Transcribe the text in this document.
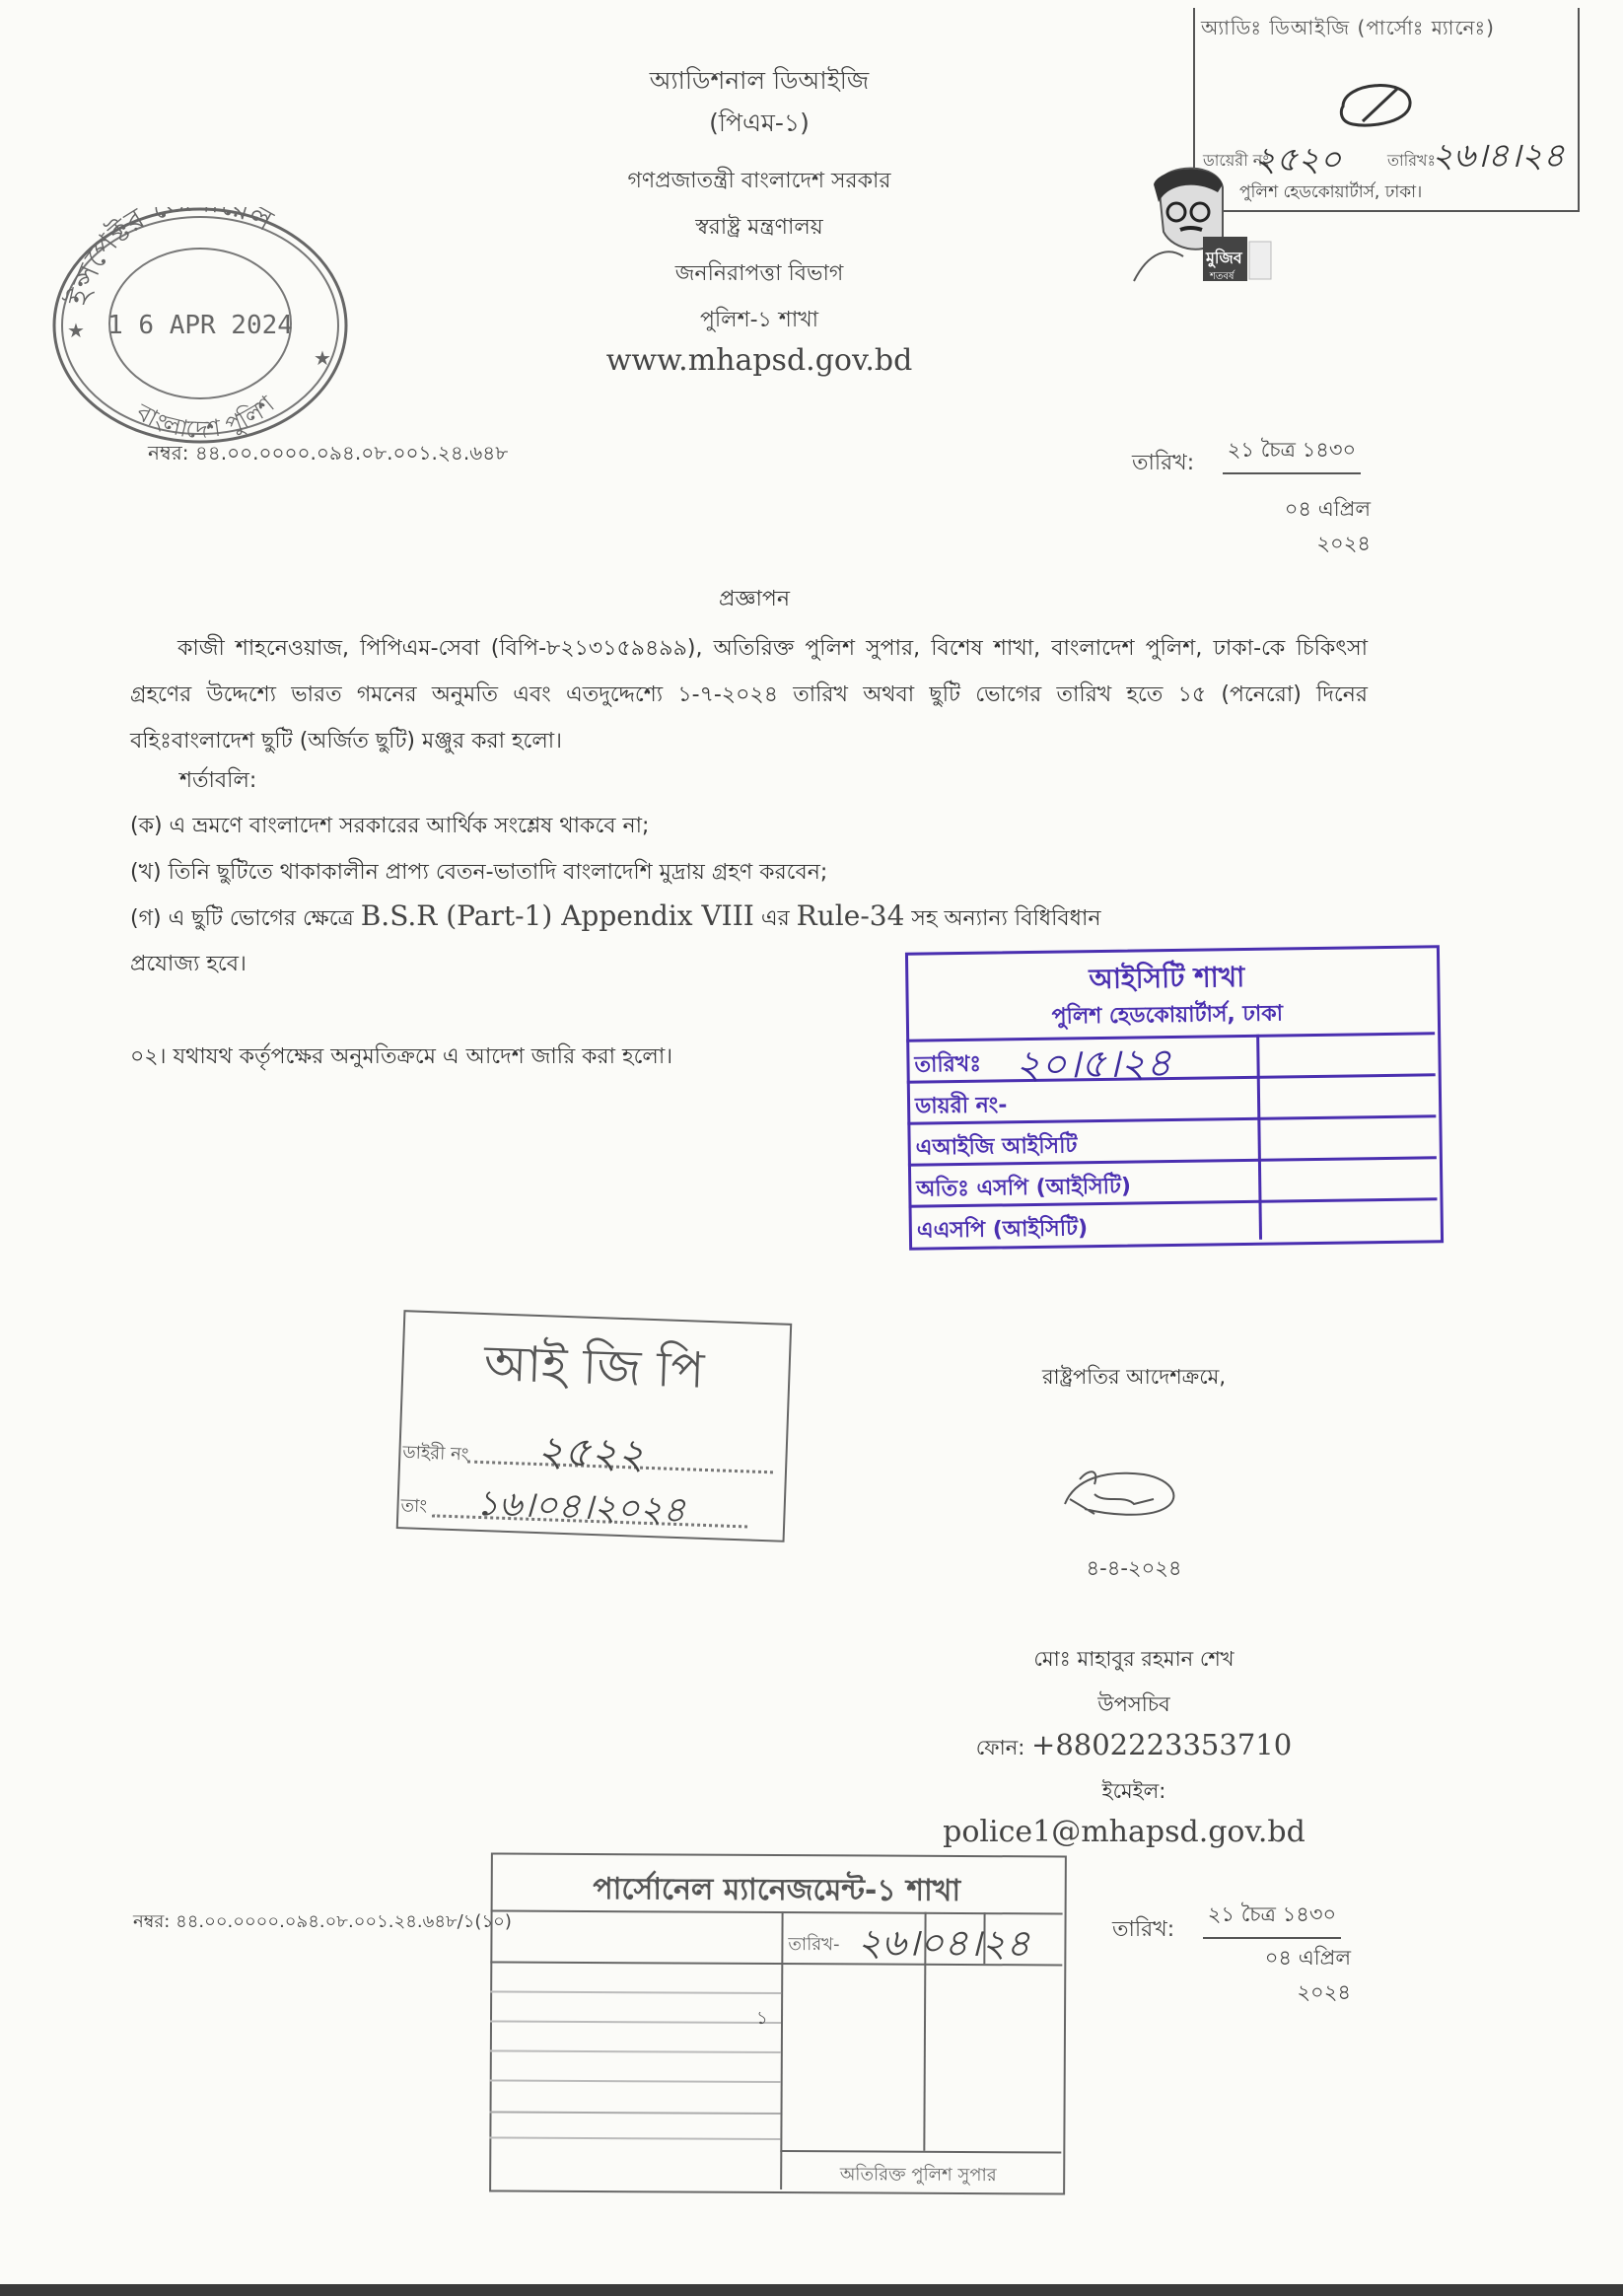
অ্যাডিশনাল ডিআইজি (পিএম-১)
গণপ্রজাতন্ত্রী বাংলাদেশ সরকার
স্বরাষ্ট্র মন্ত্রণালয়
জননিরাপত্তা বিভাগ
পুলিশ-১ শাখা
www.mhapsd.gov.bd
ইন্সপেক্টর রেল
বাংলাদেশ পুলিশ
★
★
1 6 APR 2024
অ্যাডিঃ ডিআইজি (পার্সোঃ ম্যানেঃ)
ডায়েরী নং
২৫২০	তারিখঃ
২৬।৪।২৪
পুলিশ হেডকোয়ার্টার্স, ঢাকা।
মুজিব
শতবর্ষ
নম্বর: ৪৪.০০.০০০০.০৯৪.০৮.০০১.২৪.৬৪৮	তারিখ:
২১ চৈত্র ১৪৩০
০৪ এপ্রিল ২০২৪
প্রজ্ঞাপন
কাজী শাহনেওয়াজ, পিপিএম-সেবা (বিপি-৮২১৩১৫৯৪৯৯), অতিরিক্ত পুলিশ সুপার, বিশেষ শাখা, বাংলাদেশ পুলিশ, ঢাকা-কে চিকিৎসা গ্রহণের উদ্দেশ্যে ভারত গমনের অনুমতি এবং এতদুদ্দেশ্যে ১-৭-২০২৪ তারিখ অথবা ছুটি ভোগের তারিখ হতে ১৫ (পনেরো) দিনের বহিঃবাংলাদেশ ছুটি (অর্জিত ছুটি) মঞ্জুর করা হলো।
শর্তাবলি:
(ক) এ ভ্রমণে বাংলাদেশ সরকারের আর্থিক সংশ্লেষ থাকবে না;
(খ) তিনি ছুটিতে থাকাকালীন প্রাপ্য বেতন-ভাতাদি বাংলাদেশি মুদ্রায় গ্রহণ করবেন;
(গ) এ ছুটি ভোগের ক্ষেত্রে B.S.R (Part-1) Appendix VIII এর Rule-34 সহ অন্যান্য বিধিবিধান
প্রযোজ্য হবে।
০২। যথাযথ কর্তৃপক্ষের অনুমতিক্রমে এ আদেশ জারি করা হলো।
আইসিটি শাখা
পুলিশ হেডকোয়ার্টার্স, ঢাকা
তারিখঃ
ডায়রী নং-
এআইজি আইসিটি
অতিঃ এসপি (আইসিটি)
এএসপি (আইসিটি)
২০।৫।২৪
আই জি পি
ডাইরী নং ২৫২২
তাং ১৬।০৪।২০২৪
রাষ্ট্রপতির আদেশক্রমে,
৪-৪-২০২৪
মোঃ মাহাবুর রহমান শেখ
উপসচিব
ফোন: +8802223353710
ইমেইল:
police1@mhapsd.gov.bd
পার্সোনেল ম্যানেজমেন্ট-১ শাখা
তারিখ- ২৬।০৪।২৪
১
অতিরিক্ত পুলিশ সুপার
নম্বর: ৪৪.০০.০০০০.০৯৪.০৮.০০১.২৪.৬৪৮/১(১০)	তারিখ:
২১ চৈত্র ১৪৩০
০৪ এপ্রিল ২০২৪
